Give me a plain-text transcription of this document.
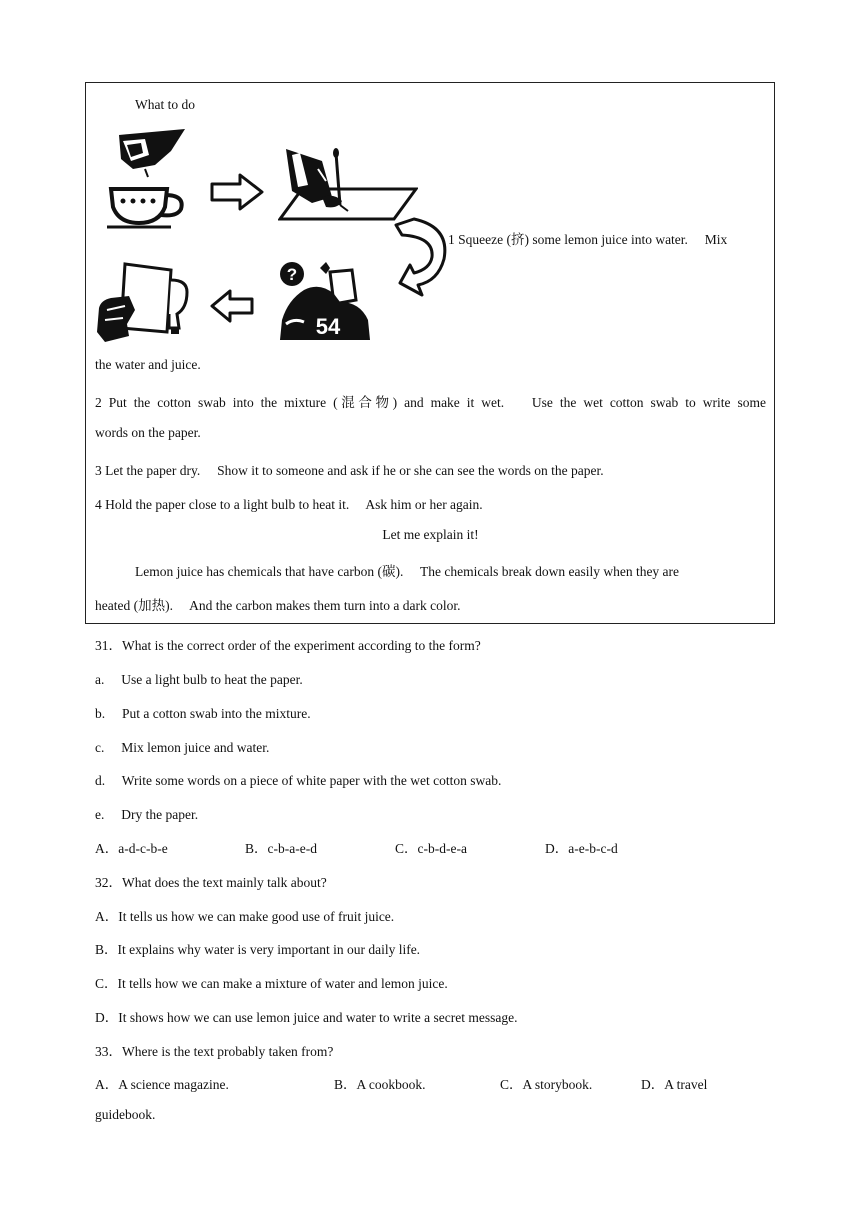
What to do
1 Squeeze (挤) some lemon juice into water.　 Mix
?
54
the water and juice.
2 Put the cotton swab into the mixture (混合物) and make it wet.　 Use the wet cotton swab to write some
words on the paper.
3 Let the paper dry.　 Show it to someone and ask if he or she can see the words on the paper.
4 Hold the paper close to a light bulb to heat it.　 Ask him or her again.
Let me explain it!
Lemon juice has chemicals that have carbon (碳).　 The chemicals break down easily when they are
heated (加热).　 And the carbon makes them turn into a dark color.
31．What is the correct order of the experiment according to the form?
a.　 Use a light bulb to heat the paper.
b.　 Put a cotton swab into the mixture.
c.　 Mix lemon juice and water.
d.　 Write some words on a piece of white paper with the wet cotton swab.
e.　 Dry the paper.
A．a-d-c-b-e	B．c-b-a-e-d	C．c-b-d-e-a	D．a-e-b-c-d
32．What does the text mainly talk about?
A．It tells us how we can make good use of fruit juice.
B．It explains why water is very important in our daily life.
C．It tells how we can make a mixture of water and lemon juice.
D．It shows how we can use lemon juice and water to write a secret message.
33．Where is the text probably taken from?
A．A science magazine.	B．A cookbook.	C．A storybook.	D．A travel
guidebook.
